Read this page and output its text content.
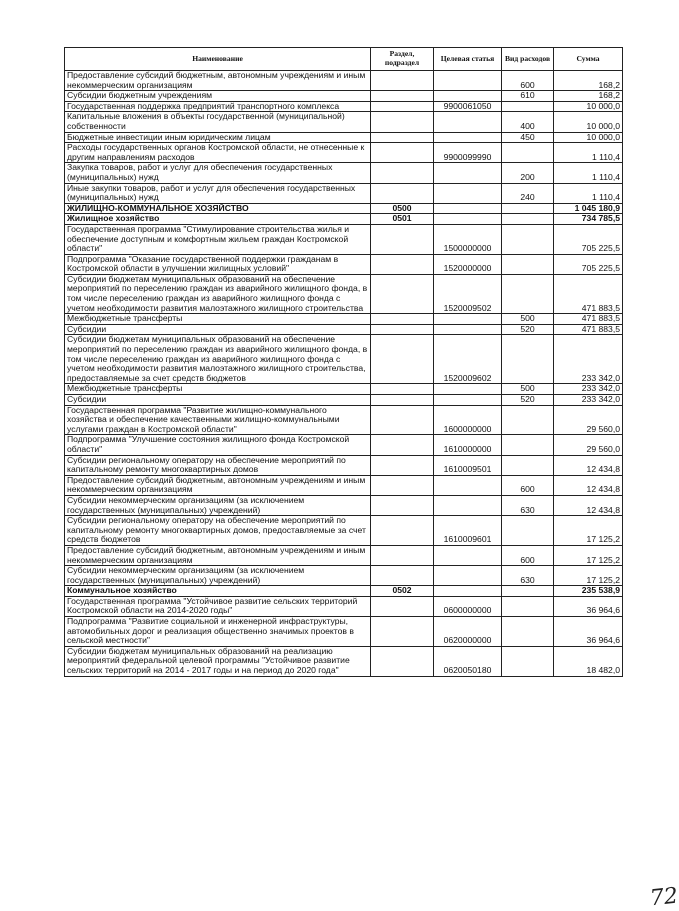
Наименование	Раздел, подраздел	Целевая статья	Вид расходов	Сумма
Предоставление субсидий бюджетным, автономным учреждениям и иным некоммерческим организациям			600	168,2
Субсидии бюджетным учреждениям			610	168,2
Государственная поддержка предприятий транспортного комплекса		9900061050		10 000,0
Капитальные вложения в объекты государственной (муниципальной) собственности			400	10 000,0
Бюджетные инвестиции иным юридическим лицам			450	10 000,0
Расходы государственных органов Костромской области, не отнесенные к другим направлениям расходов		9900099990		1 110,4
Закупка товаров, работ и услуг для обеспечения государственных (муниципальных) нужд			200	1 110,4
Иные закупки товаров, работ и услуг для обеспечения государственных (муниципальных) нужд			240	1 110,4
ЖИЛИЩНО-КОММУНАЛЬНОЕ ХОЗЯЙСТВО	0500			1 045 180,9
Жилищное хозяйство	0501			734 785,5
Государственная программа "Стимулирование строительства жилья и обеспечение доступным и комфортным жильем граждан Костромской области"		1500000000		705 225,5
Подпрограмма "Оказание государственной поддержки гражданам в Костромской области в улучшении жилищных условий"		1520000000		705 225,5
Субсидии бюджетам муниципальных образований на обеспечение мероприятий по переселению граждан из аварийного жилищного фонда, в том числе переселению граждан из аварийного жилищного фонда с учетом необходимости развития малоэтажного жилищного строительства		1520009502		471 883,5
Межбюджетные трансферты			500	471 883,5
Субсидии			520	471 883,5
Субсидии бюджетам муниципальных образований на обеспечение мероприятий по переселению граждан из аварийного жилищного фонда, в том числе переселению граждан из аварийного жилищного фонда с учетом необходимости развития малоэтажного жилищного строительства, предоставляемые за счет средств бюджетов		1520009602		233 342,0
Межбюджетные трансферты			500	233 342,0
Субсидии			520	233 342,0
Государственная программа "Развитие жилищно-коммунального хозяйства и обеспечение качественными жилищно-коммунальными услугами граждан в Костромской области"		1600000000		29 560,0
Подпрограмма "Улучшение состояния жилищного фонда Костромской области"		1610000000		29 560,0
Субсидии региональному оператору на обеспечение мероприятий по капитальному ремонту многоквартирных домов		1610009501		12 434,8
Предоставление субсидий бюджетным, автономным учреждениям и иным некоммерческим организациям			600	12 434,8
Субсидии некоммерческим организациям (за исключением государственных (муниципальных) учреждений)			630	12 434,8
Субсидии региональному оператору на обеспечение мероприятий по капитальному ремонту многоквартирных домов, предоставляемые за счет средств бюджетов		1610009601		17 125,2
Предоставление субсидий бюджетным, автономным учреждениям и иным некоммерческим организациям			600	17 125,2
Субсидии некоммерческим организациям (за исключением государственных (муниципальных) учреждений)			630	17 125,2
Коммунальное хозяйство	0502			235 538,9
Государственная программа "Устойчивое развитие сельских территорий Костромской области на 2014-2020 годы"		0600000000		36 964,6
Подпрограмма "Развитие социальной и инженерной инфраструктуры, автомобильных дорог и реализация общественно значимых проектов в сельской местности"		0620000000		36 964,6
Субсидии бюджетам муниципальных образований на реализацию мероприятий федеральной целевой программы "Устойчивое развитие сельских территорий на 2014 - 2017 годы и на период до 2020 года"		0620050180		18 482,0
72
